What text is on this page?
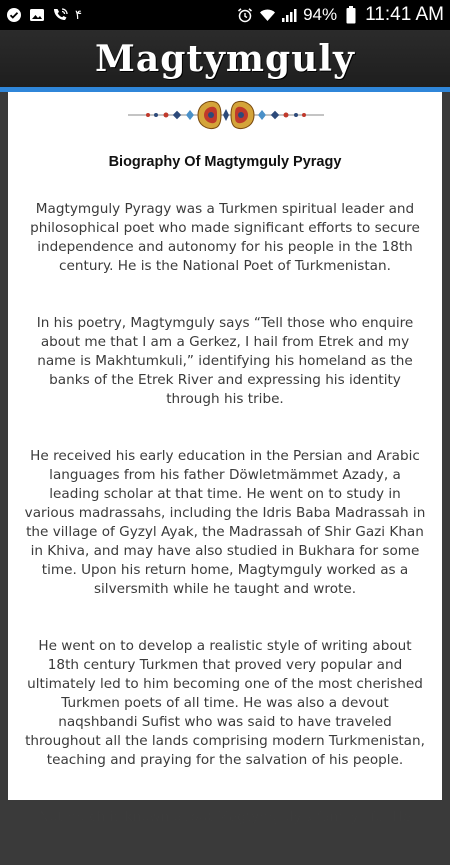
۴	94% 11:41 AM
Magtymguly
Biography Of Magtymguly Pyragy

Magtymguly Pyragy was a Turkmen spiritual leader and philosophical poet who made significant efforts to secure independence and autonomy for his people in the 18th century. He is the National Poet of Turkmenistan.

In his poetry, Magtymguly says “Tell those who enquire about me that I am a Gerkez, I hail from Etrek and my name is Makhtumkuli,” identifying his homeland as the banks of the Etrek River and expressing his identity through his tribe.

He received his early education in the Persian and Arabic languages from his father Döwletmämmet Azady, a leading scholar at that time. He went on to study in various madrassahs, including the Idris Baba Madrassah in the village of Gyzyl Ayak, the Madrassah of Shir Gazi Khan in Khiva, and may have also studied in Bukhara for some time. Upon his return home, Magtymguly worked as a silversmith while he taught and wrote.

He went on to develop a realistic style of writing about 18th century Turkmen that proved very popular and ultimately led to him becoming one of the most cherished Turkmen poets of all time. He was also a devout naqshbandi Sufist who was said to have traveled throughout all the lands comprising modern Turkmenistan, teaching and praying for the salvation of his people.

Not much is known about Magtymguly's family life. He
